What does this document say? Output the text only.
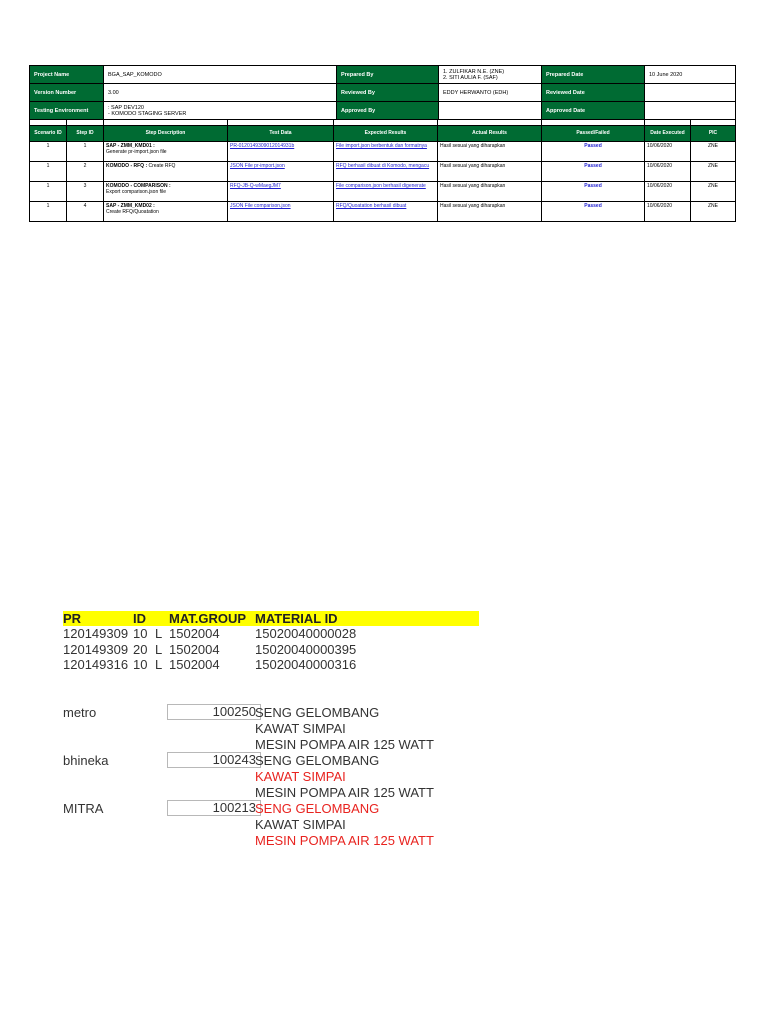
Project Name	BGA_SAP_KOMODO	Prepared By	1. ZULFIKAR N.E. (ZNE)
2. SITI AULIA F. (SAF)	Prepared Date	10 June 2020
Version Number	3.00	Reviewed By	EDDY HERWANTO (EDH)	Reviewed Date	
Testing Environment	: SAP DEV120
- KOMODO STAGING SERVER	Approved By		Approved Date	

Scenario ID	Step ID	Step Description	Test Data	Expected Results	Actual Results	Passed/Failed	Date Executed	PIC
1	1	SAP - ZMM_KMD01 :
Generate pr-import.json file	PR-0120149309012014931b	File import.json berbentuk dan formatnya	Hasil sesuai yang diharapkan	Passed	10/06/2020	ZNE
1	2	KOMODO - RFQ : Create RFQ	JSON File pr-import.json	RFQ berhasil dibuat di Komodo, mengacu	Hasil sesuai yang diharapkan	Passed	10/06/2020	ZNE
1	3	KOMODO - COMPARISON :
Export comparison.json file	RFQ-JB-Q-wMaegJM7	File comparison.json berhasil digenerate	Hasil sesuai yang diharapkan	Passed	10/06/2020	ZNE
1	4	SAP - ZMM_KMD02 :
Create RFQ/Quoatation	JSON File comparison.json	RFQ/Quoatation berhasil dibuat	Hasil sesuai yang diharapkan	Passed	10/06/2020	ZNE
PR	ID MAT.GROUP MATERIAL ID
120149309 10 L 1502004	15020040000028
120149309 20 L 1502004	15020040000395
120149316 10 L 1502004	15020040000316
metro	100250 SENG GELOMBANG
KAWAT SIMPAI
MESIN POMPA AIR 125 WATT
bhineka	100243 SENG GELOMBANG
KAWAT SIMPAI
MESIN POMPA AIR 125 WATT
MITRA	100213 SENG GELOMBANG
KAWAT SIMPAI
MESIN POMPA AIR 125 WATT
